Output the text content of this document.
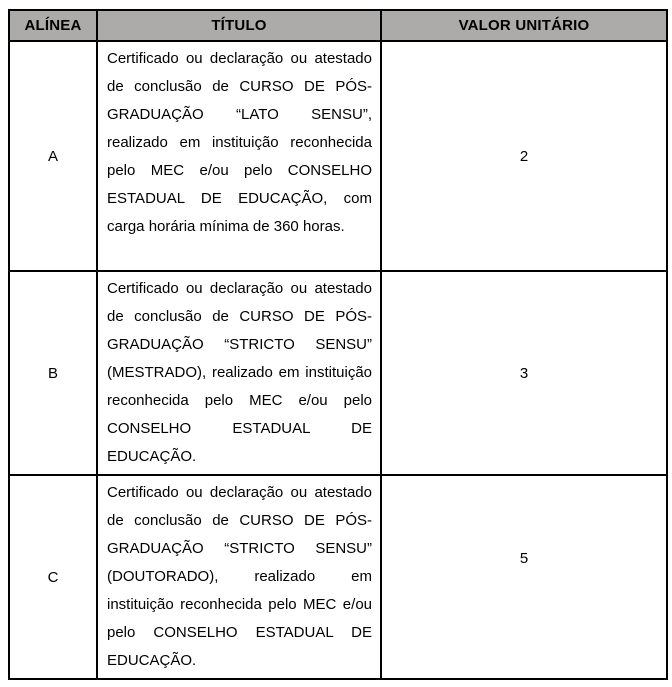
ALÍNEA	TÍTULO	VALOR UNITÁRIO
A	Certificado ou declaração ou atestado de conclusão de CURSO DE PÓS-GRADUAÇÃO “LATO SENSU”, realizado em instituição reconhecida pelo MEC e/ou pelo CONSELHO ESTADUAL DE EDUCAÇÃO, com carga horária mínima de 360 horas.	2
B	Certificado ou declaração ou atestado de conclusão de CURSO DE PÓS-GRADUAÇÃO “STRICTO SENSU” (MESTRADO), realizado em instituição reconhecida pelo MEC e/ou pelo CONSELHO ESTADUAL DE EDUCAÇÃO.	3
C	Certificado ou declaração ou atestado de conclusão de CURSO DE PÓS-GRADUAÇÃO “STRICTO SENSU” (DOUTORADO), realizado em instituição reconhecida pelo MEC e/ou pelo CONSELHO ESTADUAL DE EDUCAÇÃO.	5
